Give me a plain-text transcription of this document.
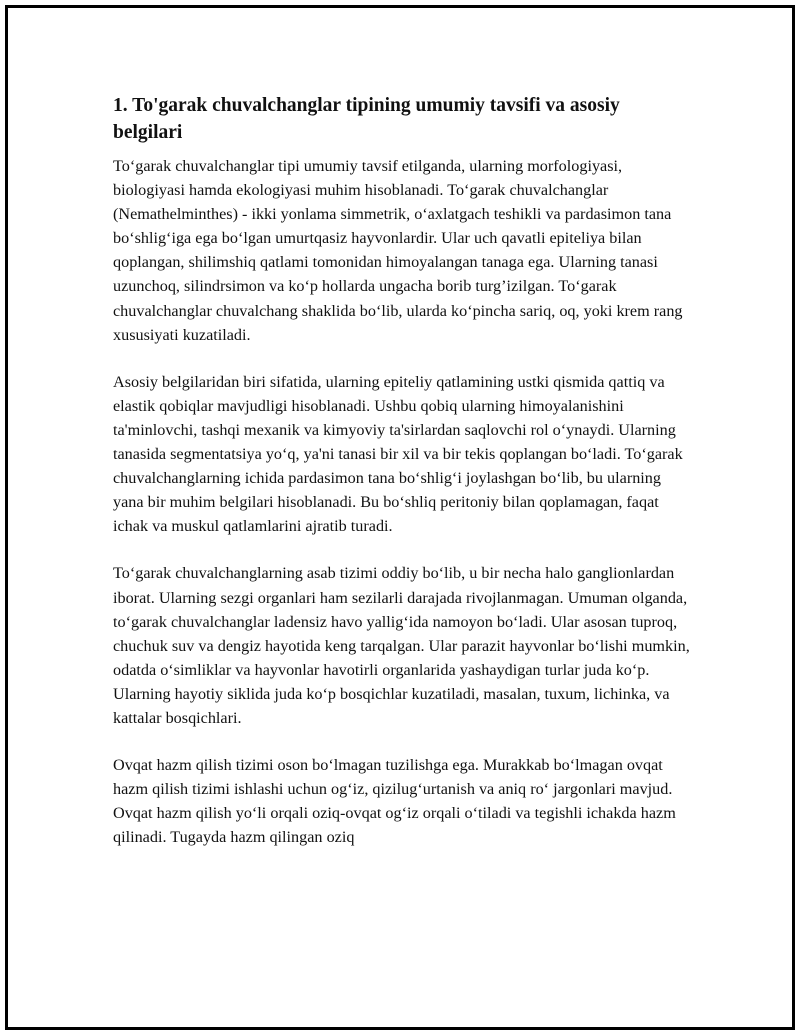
1. To'garak chuvalchanglar tipining umumiy tavsifi va asosiy belgilari

To‘garak chuvalchanglar tipi umumiy tavsif etilganda, ularning morfologiyasi, biologiyasi hamda ekologiyasi muhim hisoblanadi. To‘garak chuvalchanglar (Nemathelminthes) - ikki yonlama simmetrik, o‘axlatgach teshikli va pardasimon tana bo‘shlig‘iga ega bo‘lgan umurtqasiz hayvonlardir. Ular uch qavatli epiteliya bilan qoplangan, shilimshiq qatlami tomonidan himoyalangan tanaga ega. Ularning tanasi uzunchoq, silindrsimon va ko‘p hollarda ungacha borib turg’izilgan. To‘garak chuvalchanglar chuvalchang shaklida bo‘lib, ularda ko‘pincha sariq, oq, yoki krem rang xususiyati kuzatiladi.

Asosiy belgilaridan biri sifatida, ularning epiteliy qatlamining ustki qismida qattiq va elastik qobiqlar mavjudligi hisoblanadi. Ushbu qobiq ularning himoyalanishini ta'minlovchi, tashqi mexanik va kimyoviy ta'sirlardan saqlovchi rol o‘ynaydi. Ularning tanasida segmentatsiya yo‘q, ya'ni tanasi bir xil va bir tekis qoplangan bo‘ladi. To‘garak chuvalchanglarning ichida pardasimon tana bo‘shlig‘i joylashgan bo‘lib, bu ularning yana bir muhim belgilari hisoblanadi. Bu bo‘shliq peritoniy bilan qoplamagan, faqat ichak va muskul qatlamlarini ajratib turadi.

To‘garak chuvalchanglarning asab tizimi oddiy bo‘lib, u bir necha halo ganglionlardan iborat. Ularning sezgi organlari ham sezilarli darajada rivojlanmagan. Umuman olganda, to‘garak chuvalchanglar ladensiz havo yallig‘ida namoyon bo‘ladi. Ular asosan tuproq, chuchuk suv va dengiz hayotida keng tarqalgan. Ular parazit hayvonlar bo‘lishi mumkin, odatda o‘simliklar va hayvonlar havotirli organlarida yashaydigan turlar juda ko‘p. Ularning hayotiy siklida juda ko‘p bosqichlar kuzatiladi, masalan, tuxum, lichinka, va kattalar bosqichlari.

Ovqat hazm qilish tizimi oson bo‘lmagan tuzilishga ega. Murakkab bo‘lmagan ovqat hazm qilish tizimi ishlashi uchun og‘iz, qizilug‘urtanish va aniq ro‘ jargonlari mavjud. Ovqat hazm qilish yo‘li orqali oziq-ovqat og‘iz orqali o‘tiladi va tegishli ichakda hazm qilinadi. Tugayda hazm qilingan oziq
